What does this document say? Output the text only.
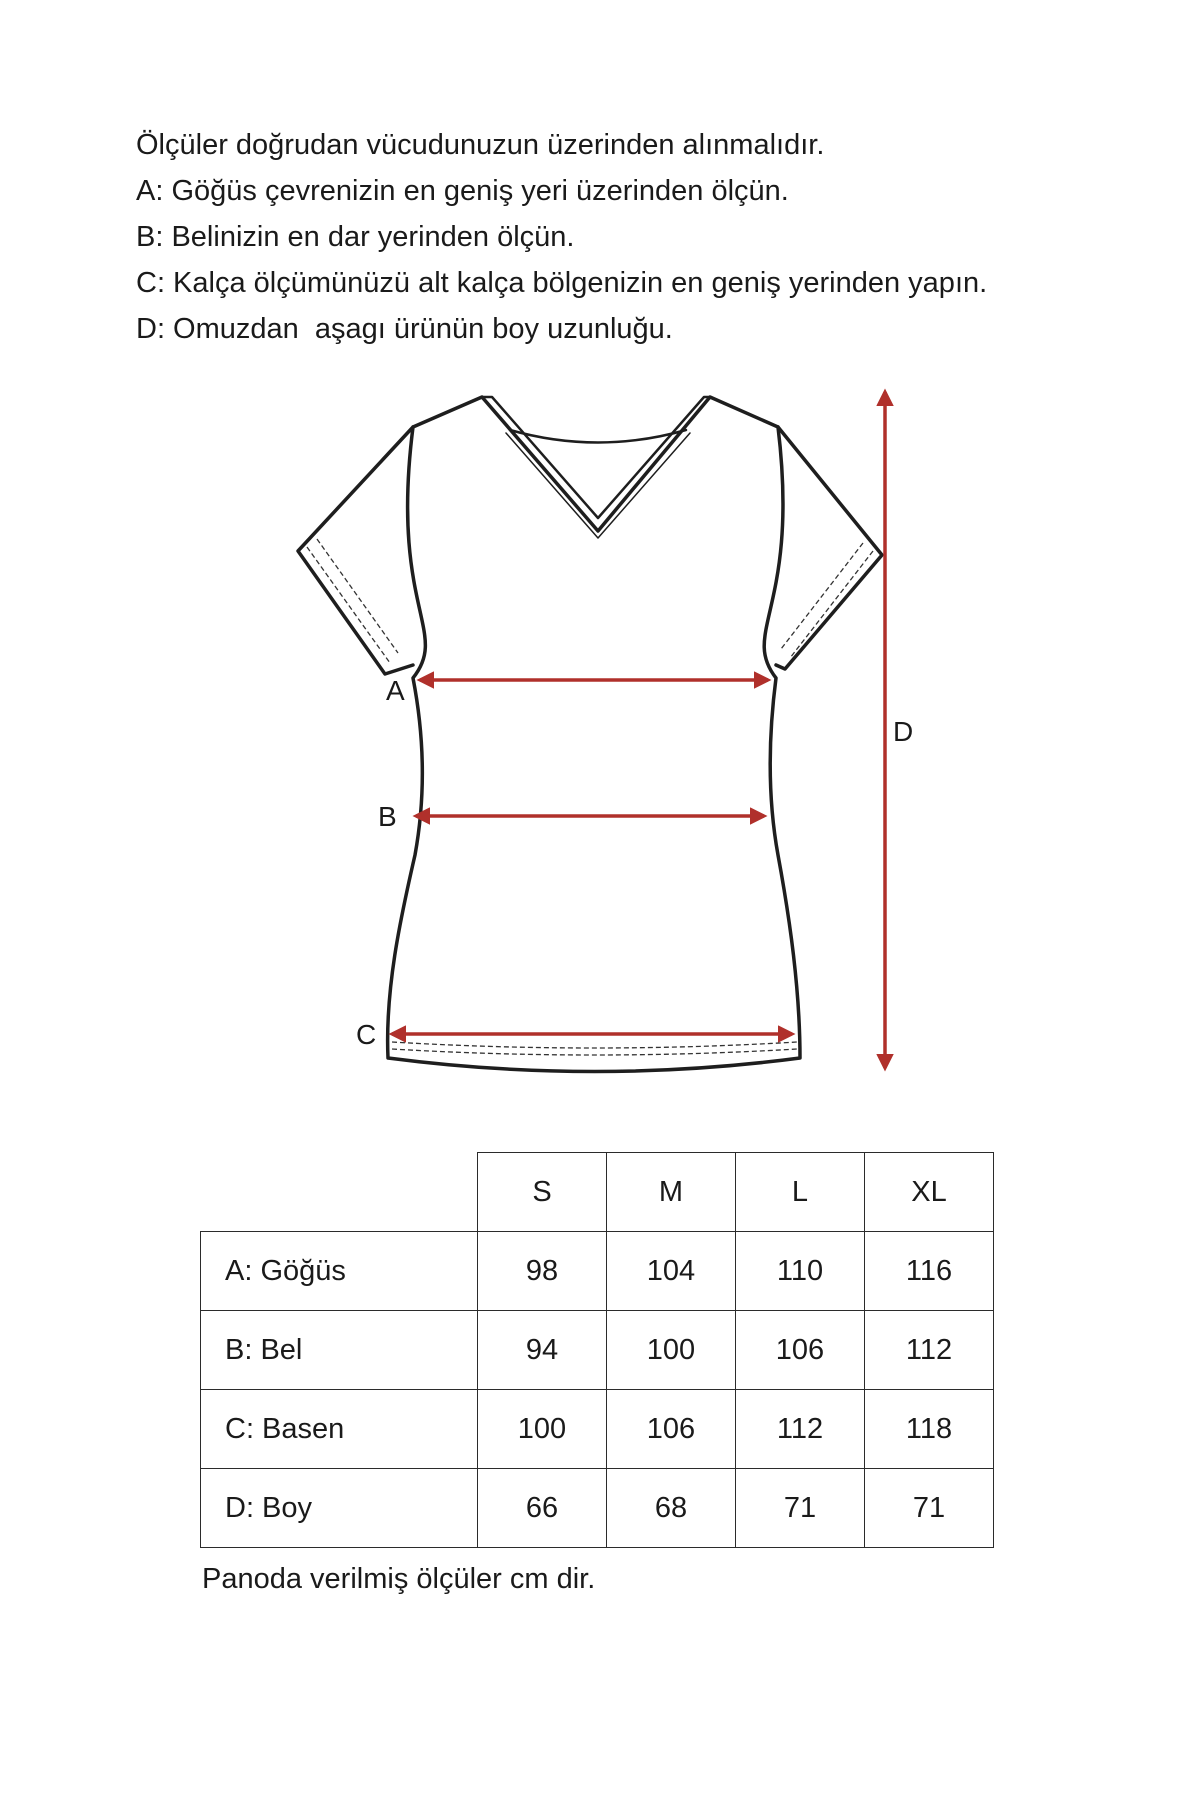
Ölçüler doğrudan vücudunuzun üzerinden alınmalıdır.
A: Göğüs çevrenizin en geniş yeri üzerinden ölçün.
B: Belinizin en dar yerinden ölçün.
C: Kalça ölçümünüzü alt kalça bölgenizin en geniş yerinden yapın.
D: Omuzdan  aşagı ürünün boy uzunluğu.
A
B
C
D
	S	M	L	XL
A: Göğüs	98	104	110	116
B: Bel	94	100	106	112
C: Basen	100	106	112	118
D: Boy	66	68	71	71
Panoda verilmiş ölçüler cm dir.
